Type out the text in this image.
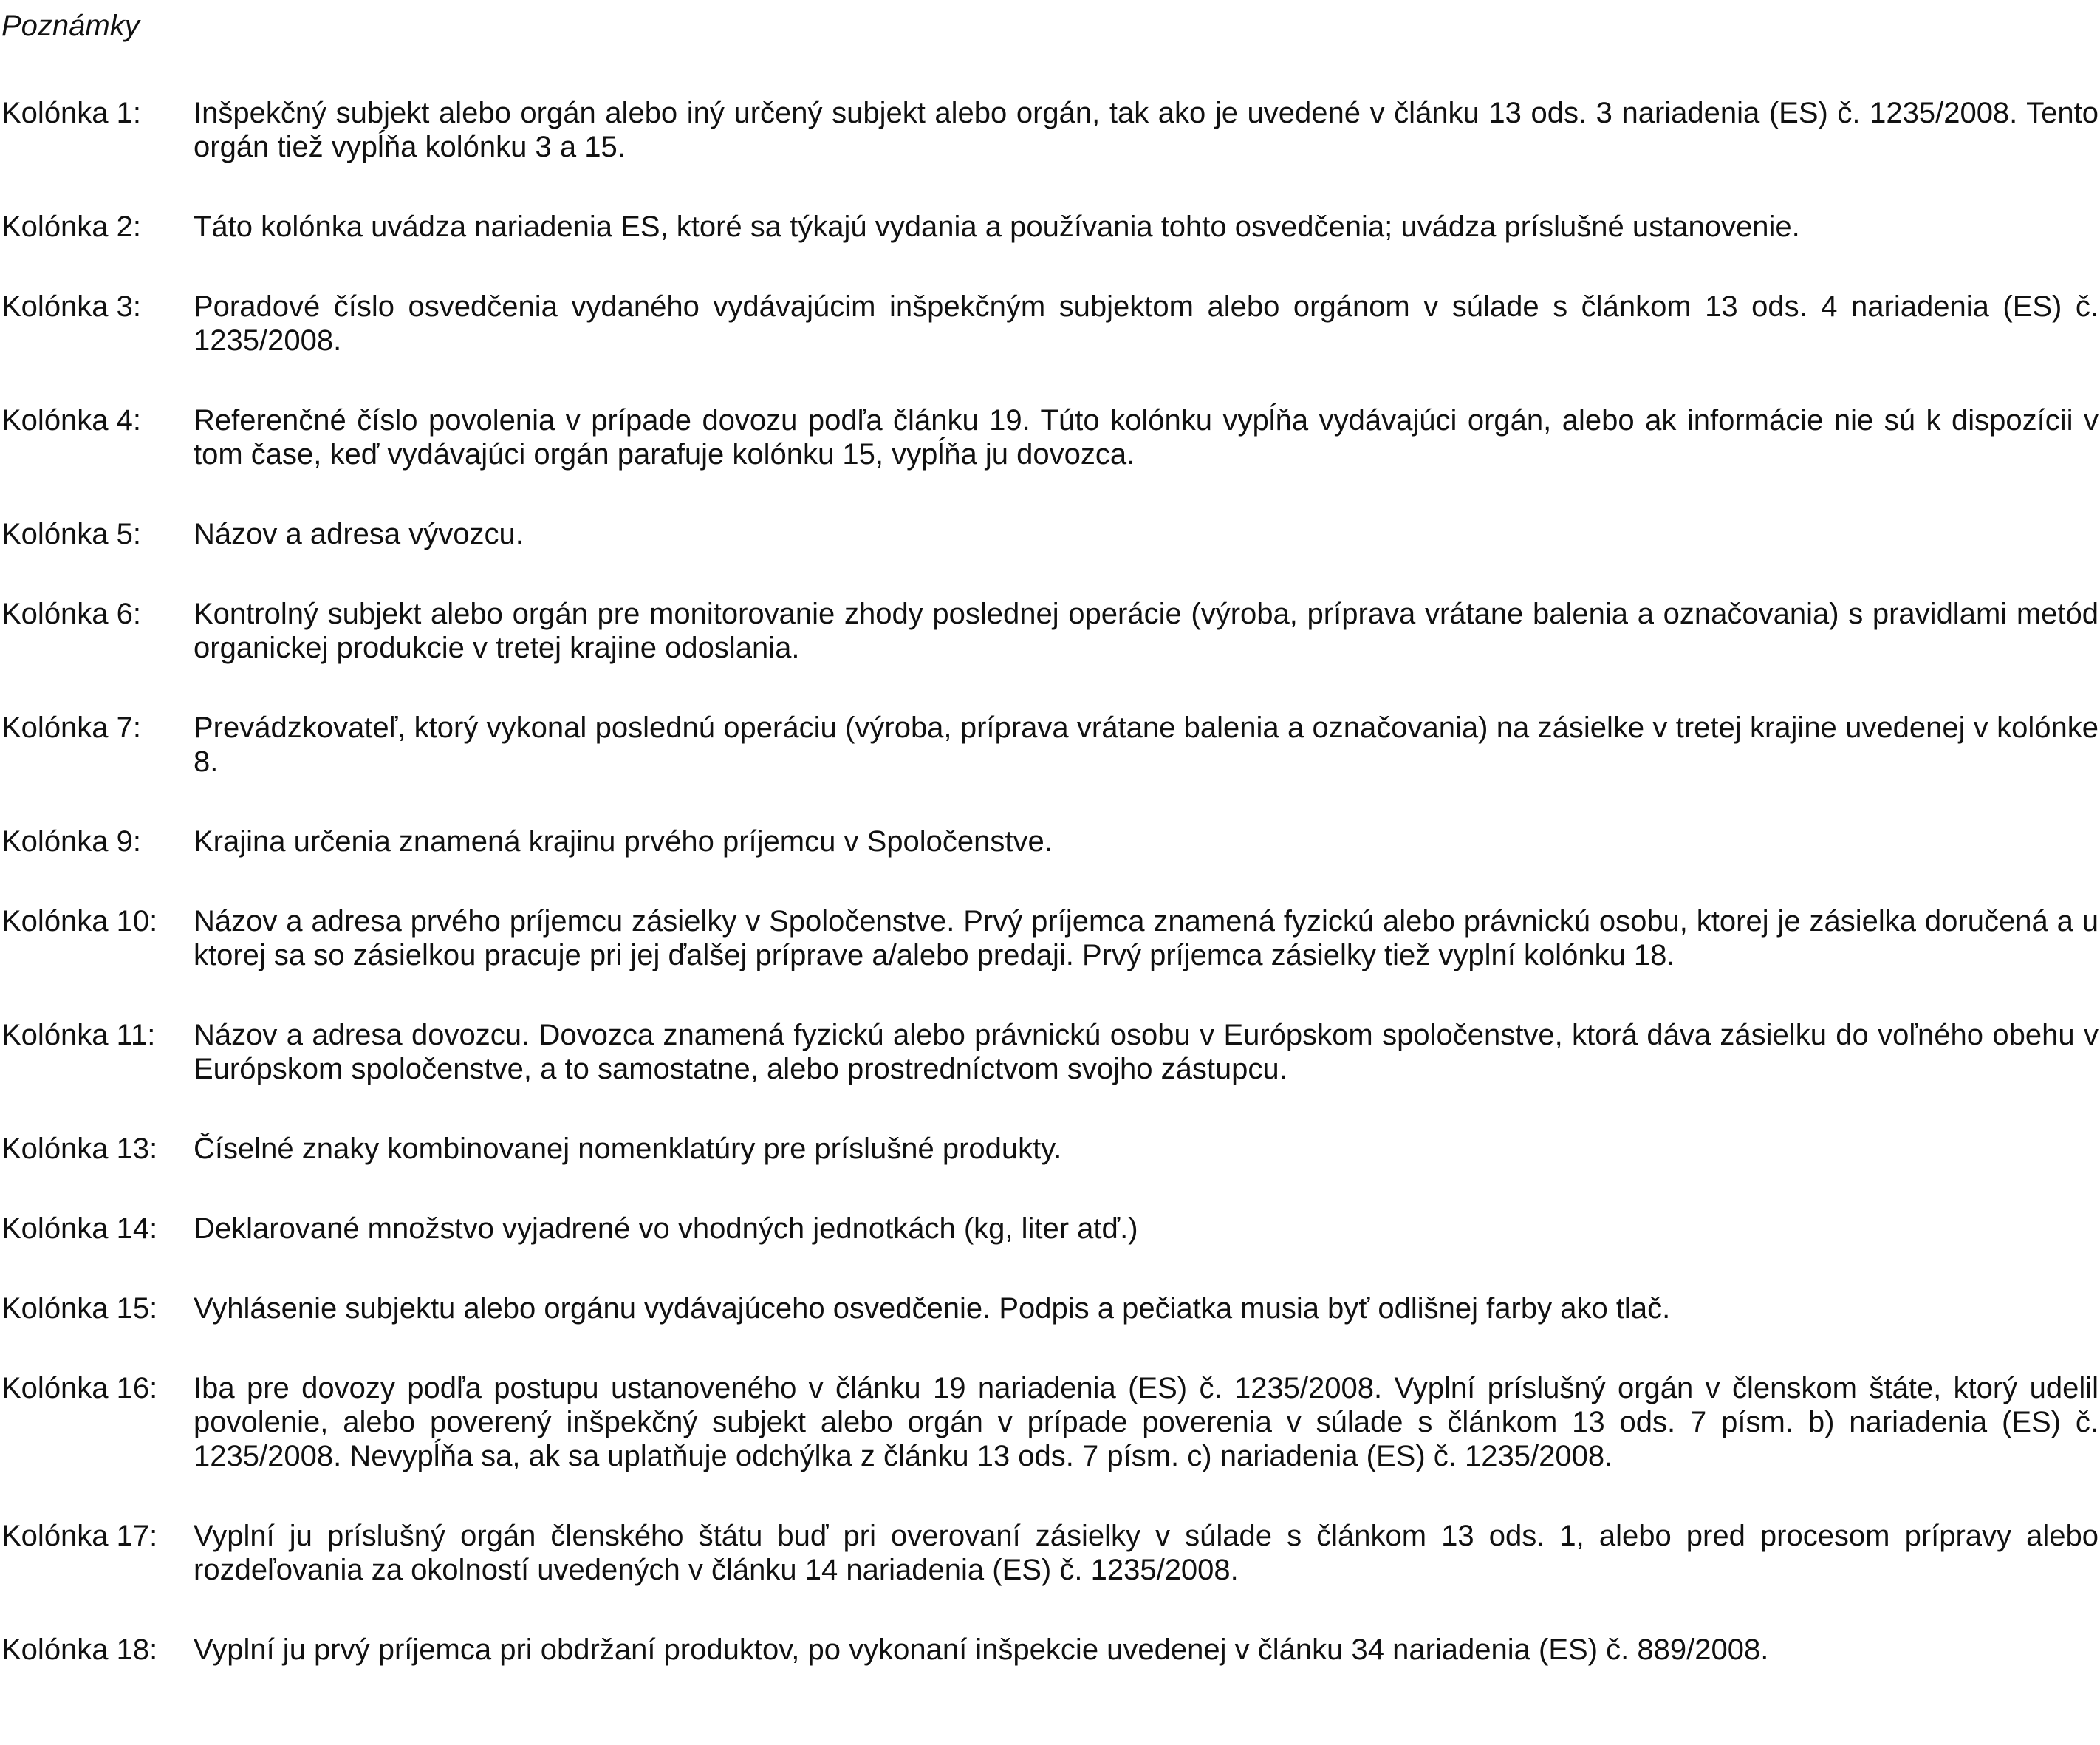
Poznámky
Kolónka 1:	Inšpekčný subjekt alebo orgán alebo iný určený subjekt alebo orgán, tak ako je uvedené v článku 13 ods. 3 nariadenia (ES) č. 1235/2008. Tento orgán tiež vypĺňa kolónku 3 a 15.
Kolónka 2:	Táto kolónka uvádza nariadenia ES, ktoré sa týkajú vydania a používania tohto osvedčenia; uvádza príslušné ustanovenie.
Kolónka 3:	Poradové číslo osvedčenia vydaného vydávajúcim inšpekčným subjektom alebo orgánom v súlade s článkom 13 ods. 4 nariadenia (ES) č. 1235/2008.
Kolónka 4:	Referenčné číslo povolenia v prípade dovozu podľa článku 19. Túto kolónku vypĺňa vydávajúci orgán, alebo ak informácie nie sú k dispozícii v tom čase, keď vydávajúci orgán parafuje kolónku 15, vypĺňa ju dovozca.
Kolónka 5:	Názov a adresa vývozcu.
Kolónka 6:	Kontrolný subjekt alebo orgán pre monitorovanie zhody poslednej operácie (výroba, príprava vrátane balenia a označovania) s pravidlami metód organickej produkcie v tretej krajine odoslania.
Kolónka 7:	Prevádzkovateľ, ktorý vykonal poslednú operáciu (výroba, príprava vrátane balenia a označovania) na zásielke v tretej krajine uvedenej v kolónke 8.
Kolónka 9:	Krajina určenia znamená krajinu prvého príjemcu v Spoločenstve.
Kolónka 10:	Názov a adresa prvého príjemcu zásielky v Spoločenstve. Prvý príjemca znamená fyzickú alebo právnickú osobu, ktorej je zásielka doručená a u ktorej sa so zásielkou pracuje pri jej ďalšej príprave a/alebo predaji. Prvý príjemca zásielky tiež vyplní kolónku 18.
Kolónka 11:	Názov a adresa dovozcu. Dovozca znamená fyzickú alebo právnickú osobu v Európskom spoločenstve, ktorá dáva zásielku do voľného obehu v Európskom spoločenstve, a to samostatne, alebo prostredníctvom svojho zástupcu.
Kolónka 13:	Číselné znaky kombinovanej nomenklatúry pre príslušné produkty.
Kolónka 14:	Deklarované množstvo vyjadrené vo vhodných jednotkách (kg, liter atď.)
Kolónka 15:	Vyhlásenie subjektu alebo orgánu vydávajúceho osvedčenie. Podpis a pečiatka musia byť odlišnej farby ako tlač.
Kolónka 16:	Iba pre dovozy podľa postupu ustanoveného v článku 19 nariadenia (ES) č. 1235/2008. Vyplní príslušný orgán v členskom štáte, ktorý udelil povolenie, alebo poverený inšpekčný subjekt alebo orgán v prípade poverenia v súlade s článkom 13 ods. 7 písm. b) nariadenia (ES) č. 1235/2008. Nevypĺňa sa, ak sa uplatňuje odchýlka z článku 13 ods. 7 písm. c) nariadenia (ES) č. 1235/2008.
Kolónka 17:	Vyplní ju príslušný orgán členského štátu buď pri overovaní zásielky v súlade s článkom 13 ods. 1, alebo pred procesom prípravy alebo rozdeľovania za okolností uvedených v článku 14 nariadenia (ES) č. 1235/2008.
Kolónka 18:	Vyplní ju prvý príjemca pri obdržaní produktov, po vykonaní inšpekcie uvedenej v článku 34 nariadenia (ES) č. 889/2008.
